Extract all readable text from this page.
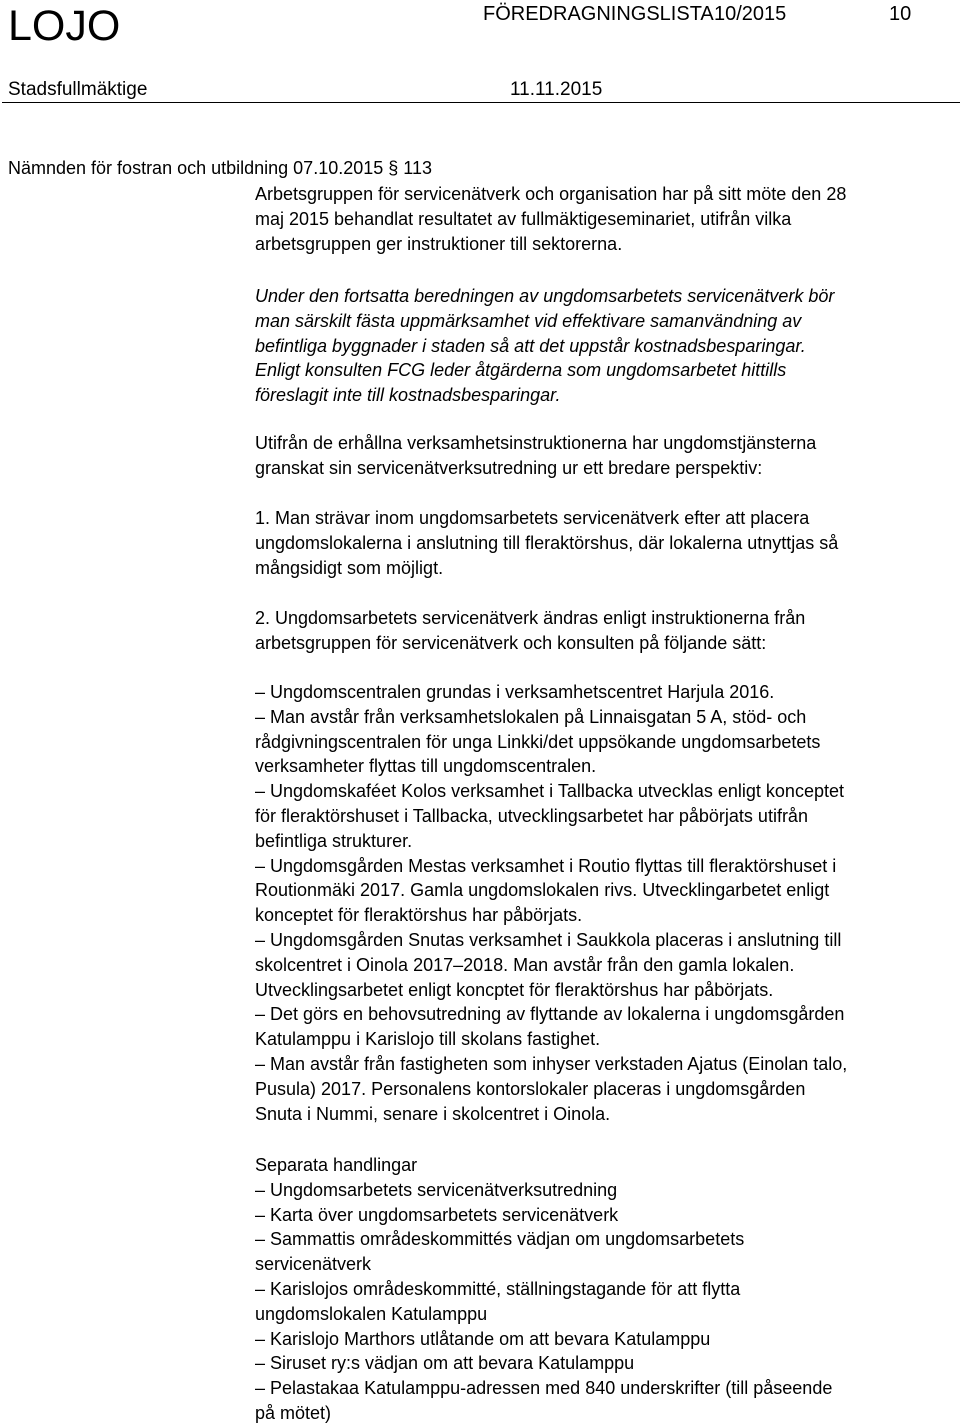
LOJO	FÖREDRAGNINGSLISTA 10/2015	10
Stadsfullmäktige	11.11.2015
Nämnden för fostran och utbildning 07.10.2015 § 113
Arbetsgruppen för servicenätverk och organisation har på sitt möte den 28
maj 2015 behandlat resultatet av fullmäktigeseminariet, utifrån vilka
arbetsgruppen ger instruktioner till sektorerna.
Under den fortsatta beredningen av ungdomsarbetets servicenätverk bör
man särskilt fästa uppmärksamhet vid effektivare samanvändning av
befintliga byggnader i staden så att det uppstår kostnadsbesparingar.
Enligt konsulten FCG leder åtgärderna som ungdomsarbetet hittills
föreslagit inte till kostnadsbesparingar.
Utifrån de erhållna verksamhetsinstruktionerna har ungdomstjänsterna
granskat sin servicenätverksutredning ur ett bredare perspektiv:
1. Man strävar inom ungdomsarbetets servicenätverk efter att placera
ungdomslokalerna i anslutning till fleraktörshus, där lokalerna utnyttjas så
mångsidigt som möjligt.
2. Ungdomsarbetets servicenätverk ändras enligt instruktionerna från
arbetsgruppen för servicenätverk och konsulten på följande sätt:
– Ungdomscentralen grundas i verksamhetscentret Harjula 2016.
– Man avstår från verksamhetslokalen på Linnaisgatan 5 A, stöd- och
rådgivningscentralen för unga Linkki/det uppsökande ungdomsarbetets
verksamheter flyttas till ungdomscentralen.
– Ungdomskaféet Kolos verksamhet i Tallbacka utvecklas enligt konceptet
för fleraktörshuset i Tallbacka, utvecklingsarbetet har påbörjats utifrån
befintliga strukturer.
– Ungdomsgården Mestas verksamhet i Routio flyttas till fleraktörshuset i
Routionmäki 2017. Gamla ungdomslokalen rivs. Utvecklingarbetet enligt
konceptet för fleraktörshus har påbörjats.
– Ungdomsgården Snutas verksamhet i Saukkola placeras i anslutning till
skolcentret i Oinola 2017–2018. Man avstår från den gamla lokalen.
Utvecklingsarbetet enligt koncptet för fleraktörshus har påbörjats.
– Det görs en behovsutredning av flyttande av lokalerna i ungdomsgården
Katulamppu i Karislojo till skolans fastighet.
– Man avstår från fastigheten som inhyser verkstaden Ajatus (Einolan talo,
Pusula) 2017. Personalens kontorslokaler placeras i ungdomsgården
Snuta i Nummi, senare i skolcentret i Oinola.
Separata handlingar
– Ungdomsarbetets servicenätverksutredning
– Karta över ungdomsarbetets servicenätverk
– Sammattis områdeskommittés vädjan om ungdomsarbetets
servicenätverk
– Karislojos områdeskommitté, ställningstagande för att flytta
ungdomslokalen Katulamppu
– Karislojo Marthors utlåtande om att bevara Katulamppu
– Siruset ry:s vädjan om att bevara Katulamppu
– Pelastakaa Katulamppu-adressen med 840 underskrifter (till påseende
på mötet)
